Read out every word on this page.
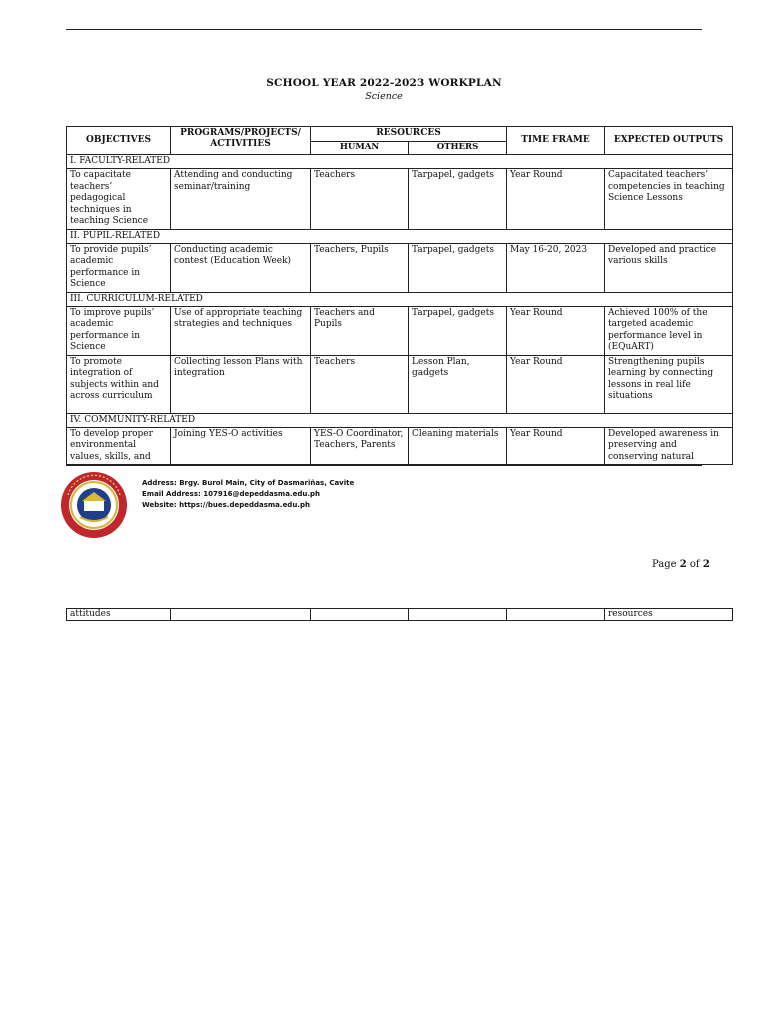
SCHOOL YEAR 2022-2023 WORKPLAN
Science
OBJECTIVES	PROGRAMS/PROJECTS/ ACTIVITIES	RESOURCES		TIME FRAME	EXPECTED OUTPUTS
		HUMAN	OTHERS		
I. FACULTY-RELATED					
To capacitate teachers’ pedagogical techniques in teaching Science	Attending and conducting seminar/training	Teachers	Tarpapel, gadgets	Year Round	Capacitated teachers’ competencies in teaching Science Lessons
II. PUPIL-RELATED					
To provide pupils’ academic performance in Science	Conducting academic contest (Education Week)	Teachers, Pupils	Tarpapel, gadgets	May 16-20, 2023	Developed and practice various skills
III. CURRICULUM-RELATED					
To improve pupils’ academic performance in Science	Use of appropriate teaching strategies and techniques	Teachers and Pupils	Tarpapel, gadgets	Year Round	Achieved 100% of the targeted academic performance level in (EQuART)
To promote integration of subjects within and across curriculum	Collecting lesson Plans with integration	Teachers	Lesson Plan, gadgets	Year Round	Strengthening pupils learning by connecting lessons in real life situations
IV. COMMUNITY-RELATED					
To develop proper environmental values, skills, and	Joining YES-O activities	YES-O Coordinator, Teachers, Parents	Cleaning materials	Year Round	Developed awareness in preserving and conserving natural
Address: Brgy. Burol Main, City of Dasmariñas, Cavite
Email Address: 107916@depeddasma.edu.ph
Website: https://bues.depeddasma.edu.ph
Page 2 of 2
attitudes					resources
